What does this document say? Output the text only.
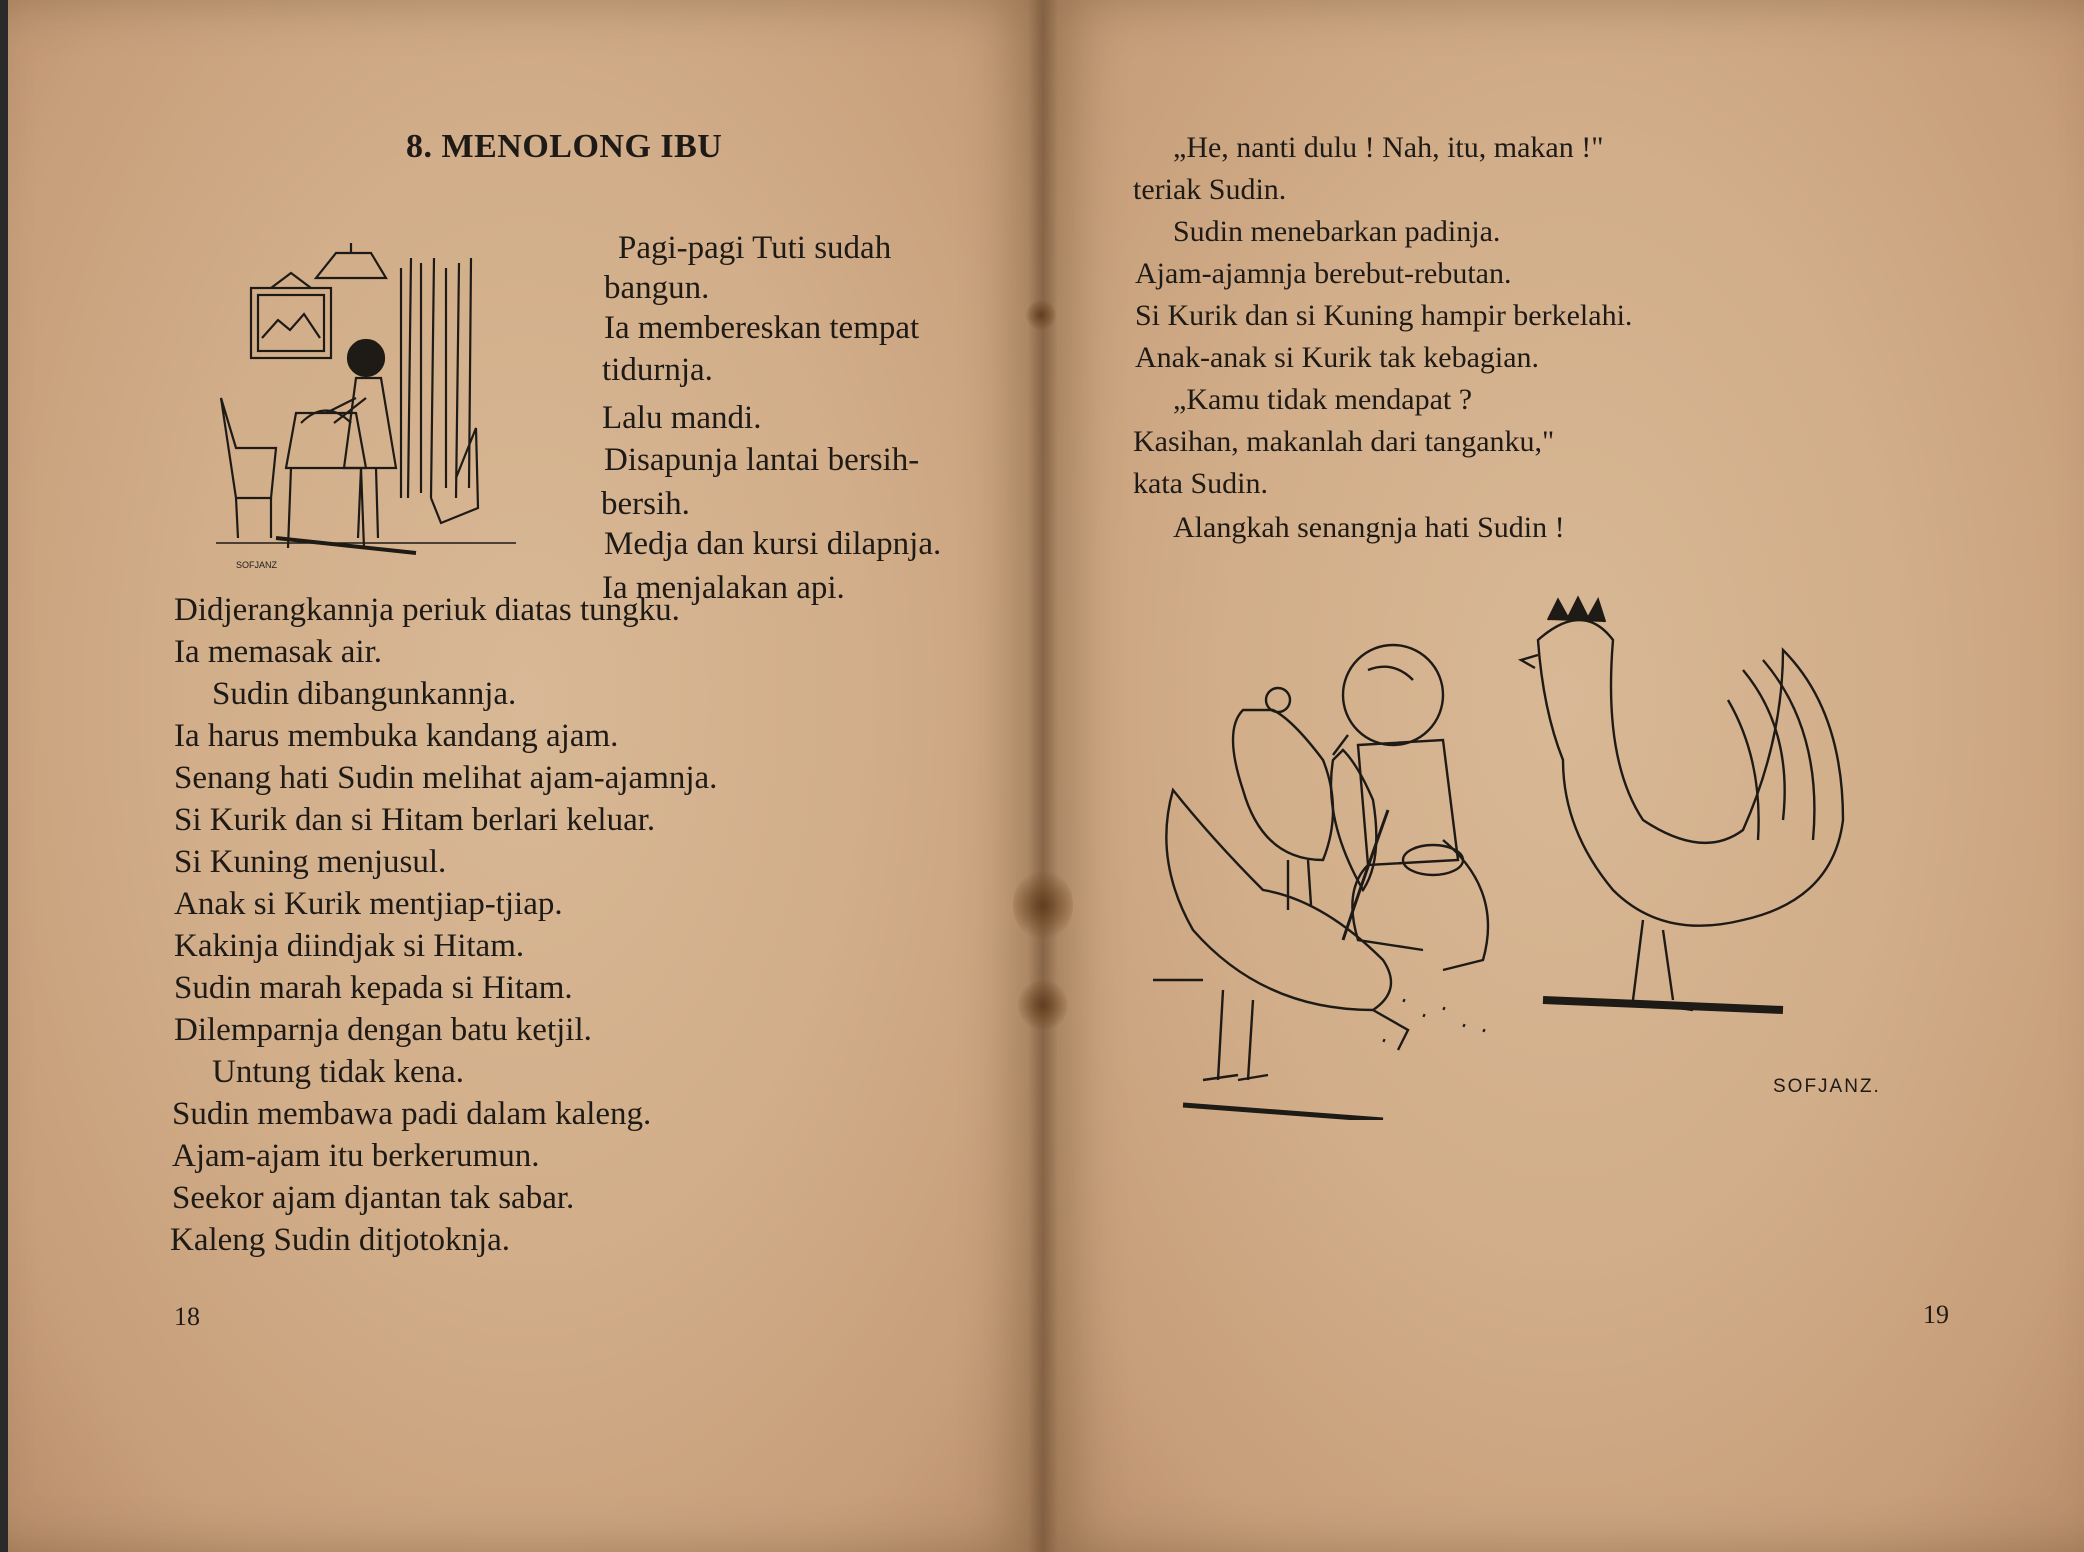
8. MENOLONG IBU
SOFJANZ
Pagi-pagi Tuti sudah
bangun.
Ia membereskan tempat
tidurnja.
Lalu mandi.
Disapunja lantai bersih-
bersih.
Medja dan kursi dilapnja.
Ia menjalakan api.
Didjerangkannja periuk diatas tungku.
Ia memasak air.
Sudin dibangunkannja.
Ia harus membuka kandang ajam.
Senang hati Sudin melihat ajam-ajamnja.
Si Kurik dan si Hitam berlari keluar.
Si Kuning menjusul.
Anak si Kurik mentjiap-tjiap.
Kakinja diindjak si Hitam.
Sudin marah kepada si Hitam.
Dilemparnja dengan batu ketjil.
Untung tidak kena.
Sudin membawa padi dalam kaleng.
Ajam-ajam itu berkerumun.
Seekor ajam djantan tak sabar.
Kaleng Sudin ditjotoknja.
18
„He, nanti dulu ! Nah, itu, makan !"
teriak Sudin.
Sudin menebarkan padinja.
Ajam-ajamnja berebut-rebutan.
Si Kurik dan si Kuning hampir berkelahi.
Anak-anak si Kurik tak kebagian.
„Kamu tidak mendapat ?
Kasihan, makanlah dari tanganku,"
kata Sudin.
Alangkah senangnja hati Sudin !
SOFJANZ.
19
